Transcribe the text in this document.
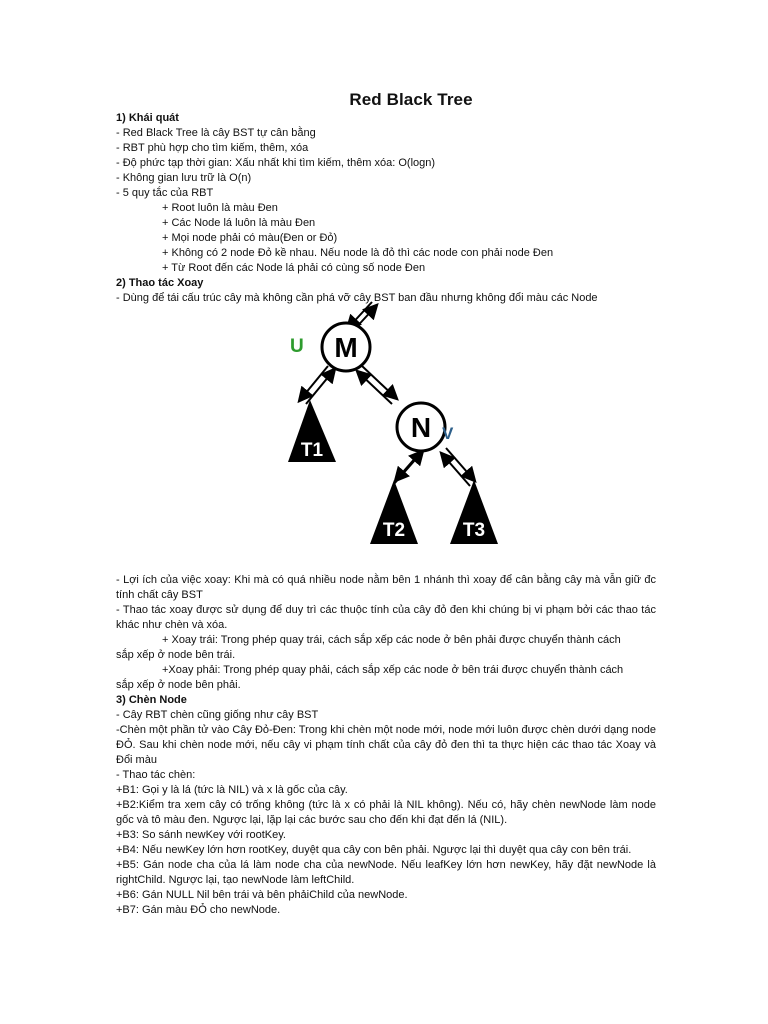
Red Black Tree
1) Khái quát
- Red Black Tree là cây BST tự cân bằng
- RBT phù hợp cho tìm kiếm, thêm, xóa
- Độ phức tạp thời gian: Xấu nhất khi tìm kiếm, thêm xóa: O(logn)
- Không gian lưu trữ là O(n)
- 5 quy tắc của RBT
+ Root luôn là màu Đen
+ Các Node lá luôn là màu Đen
+ Mọi node phải có màu(Đen or Đỏ)
+ Không có 2 node Đỏ kề nhau. Nếu node là đỏ thì các node con phải node Đen
+ Từ Root đến các Node lá phải có cùng số node Đen
2) Thao tác Xoay
- Dùng để tái cấu trúc cây mà không cần phá vỡ cây BST ban đầu nhưng không đổi màu các Node
M
N
T1
T2	T3
U
V
- Lợi ích của việc xoay: Khi mà có quá nhiều node nằm bên 1 nhánh thì xoay để cân bằng cây mà vẫn giữ đc tính chất cây BST
- Thao tác xoay được sử dụng để duy trì các thuộc tính của cây đỏ đen khi chúng bị vi phạm bởi các thao tác khác như chèn và xóa.
+ Xoay trái: Trong phép quay trái, cách sắp xếp các node ở bên phải được chuyển thành cách
sắp xếp ở node bên trái.
+Xoay phải: Trong phép quay phải, cách sắp xếp các node ở bên trái được chuyển thành cách
sắp xếp ở node bên phải.
3) Chèn Node
- Cây RBT chèn cũng giống như cây BST
-Chèn một phần tử vào Cây Đỏ-Đen: Trong khi chèn một node mới, node mới luôn được chèn dưới dạng node ĐỎ. Sau khi chèn node mới, nếu cây vi phạm tính chất của cây đỏ đen thì ta thực hiện các thao tác Xoay và Đổi màu
- Thao tác chèn:
+B1: Gọi y là lá (tức là NIL) và x là gốc của cây.
+B2:Kiểm tra xem cây có trống không (tức là x có phải là NIL không). Nếu có, hãy chèn newNode làm node gốc và tô màu đen. Ngược lại, lặp lại các bước sau cho đến khi đạt đến lá (NIL).
+B3: So sánh newKey với rootKey.
+B4: Nếu newKey lớn hơn rootKey, duyệt qua cây con bên phải. Ngược lại thì duyệt qua cây con bên trái.
+B5: Gán node cha của lá làm node cha của newNode. Nếu leafKey lớn hơn newKey, hãy đặt newNode là rightChild. Ngược lại, tạo newNode làm leftChild.
+B6: Gán NULL Nil bên trái và bên phảiChild của newNode.
+B7: Gán màu ĐỎ cho newNode.
